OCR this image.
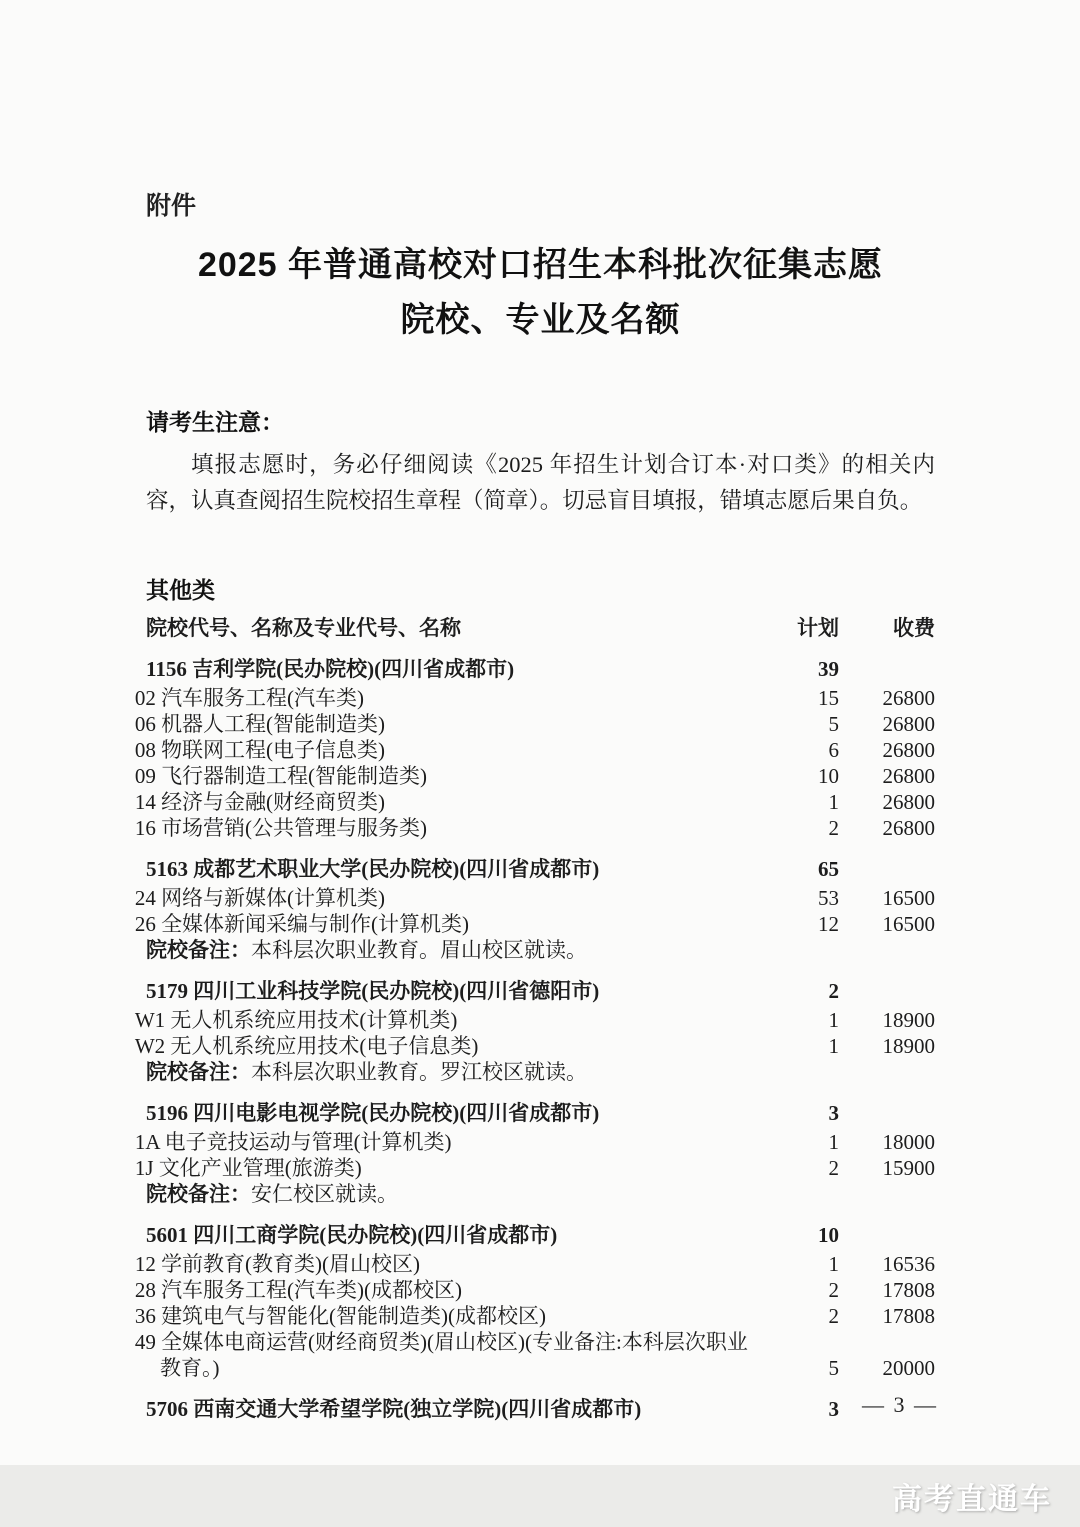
附件
2025 年普通高校对口招生本科批次征集志愿
院校、专业及名额
请考生注意：
填报志愿时，务必仔细阅读《2025 年招生计划合订本·对口类》的相关内容，认真查阅招生院校招生章程（简章）。切忌盲目填报，错填志愿后果自负。
其他类
院校代号、名称及专业代号、名称	计划	收费
1156 吉利学院(民办院校)(四川省成都市)	39
02 汽车服务工程(汽车类)	15	26800
06 机器人工程(智能制造类)	5	26800
08 物联网工程(电子信息类)	6	26800
09 飞行器制造工程(智能制造类)	10	26800
14 经济与金融(财经商贸类)	1	26800
16 市场营销(公共管理与服务类)	2	26800
5163 成都艺术职业大学(民办院校)(四川省成都市)	65
24 网络与新媒体(计算机类)	53	16500
26 全媒体新闻采编与制作(计算机类)	12	16500
院校备注：本科层次职业教育。眉山校区就读。
5179 四川工业科技学院(民办院校)(四川省德阳市)	2
W1 无人机系统应用技术(计算机类)	1	18900
W2 无人机系统应用技术(电子信息类)	1	18900
院校备注：本科层次职业教育。罗江校区就读。
5196 四川电影电视学院(民办院校)(四川省成都市)	3
1A 电子竞技运动与管理(计算机类)	1	18000
1J 文化产业管理(旅游类)	2	15900
院校备注：安仁校区就读。
5601 四川工商学院(民办院校)(四川省成都市)	10
12 学前教育(教育类)(眉山校区)	1	16536
28 汽车服务工程(汽车类)(成都校区)	2	17808
36 建筑电气与智能化(智能制造类)(成都校区)	2	17808
49 全媒体电商运营(财经商贸类)(眉山校区)(专业备注:本科层次职业教育。)	5	20000
5706 西南交通大学希望学院(独立学院)(四川省成都市)	3 — 3 —
高考直通车
